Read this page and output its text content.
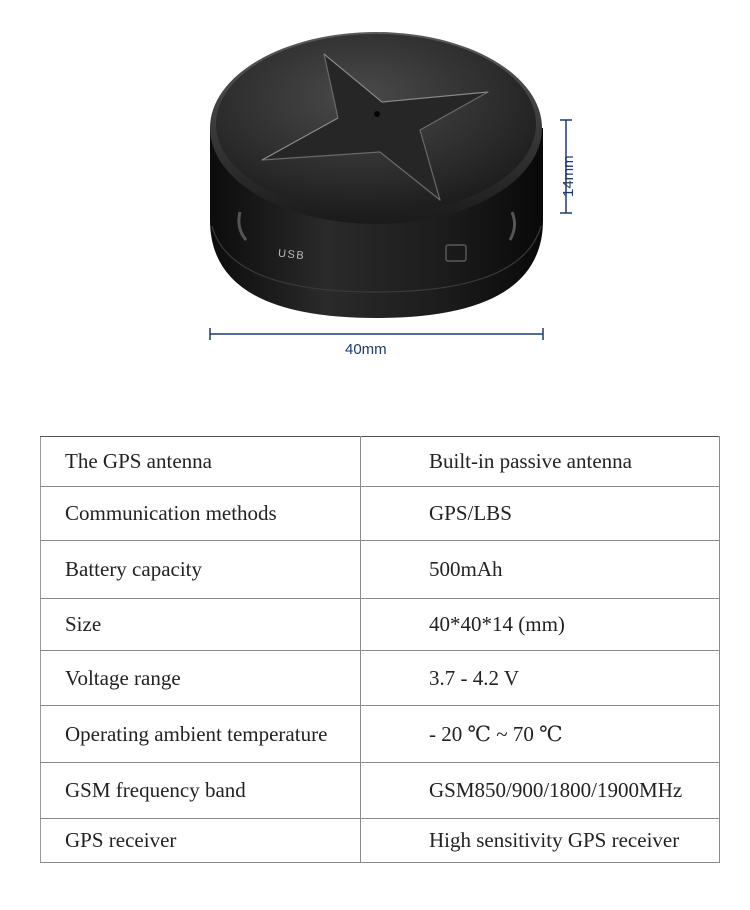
USB
40mm
14mm
The GPS antenna	Built-in passive antenna
Communication methods	GPS/LBS
Battery capacity	500mAh
Size	40*40*14 (mm)
Voltage range	3.7 - 4.2 V
Operating ambient temperature	- 20 ℃ ~ 70 ℃
GSM frequency band	GSM850/900/1800/1900MHz
GPS receiver	High sensitivity GPS receiver
